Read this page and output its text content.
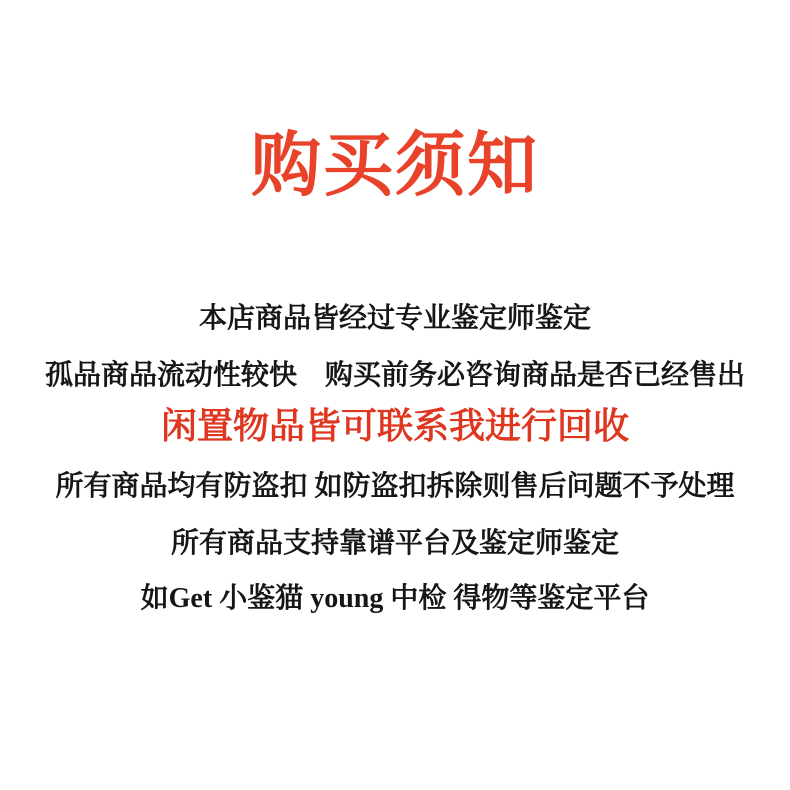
购买须知

本店商品皆经过专业鉴定师鉴定

孤品商品流动性较快　购买前务必咨询商品是否已经售出

闲置物品皆可联系我进行回收

所有商品均有防盗扣 如防盗扣拆除则售后问题不予处理

所有商品支持靠谱平台及鉴定师鉴定

如Get 小鉴猫 young 中检 得物等鉴定平台
